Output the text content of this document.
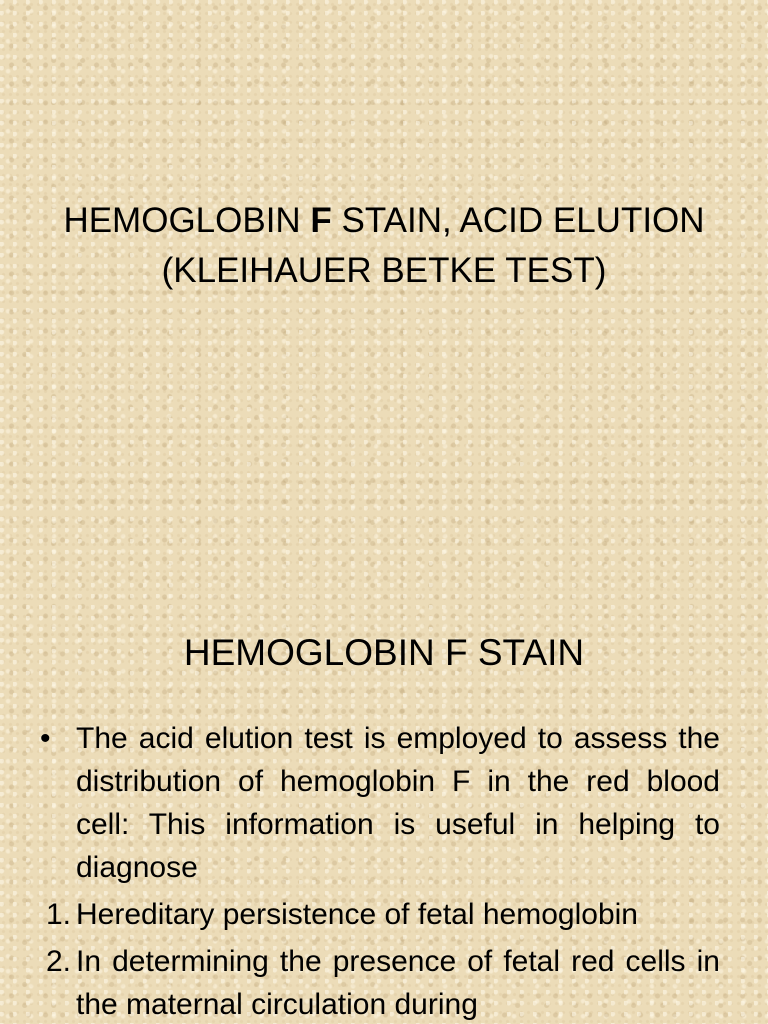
HEMOGLOBIN F STAIN, ACID ELUTION (KLEIHAUER BETKE TEST)
HEMOGLOBIN F STAIN
• The acid elution test is employed to assess the distribution of hemoglobin F in the red blood cell: This information is useful in helping to diagnose
1. Hereditary persistence of fetal hemoglobin
2. In determining the presence of fetal red cells in the maternal circulation during
